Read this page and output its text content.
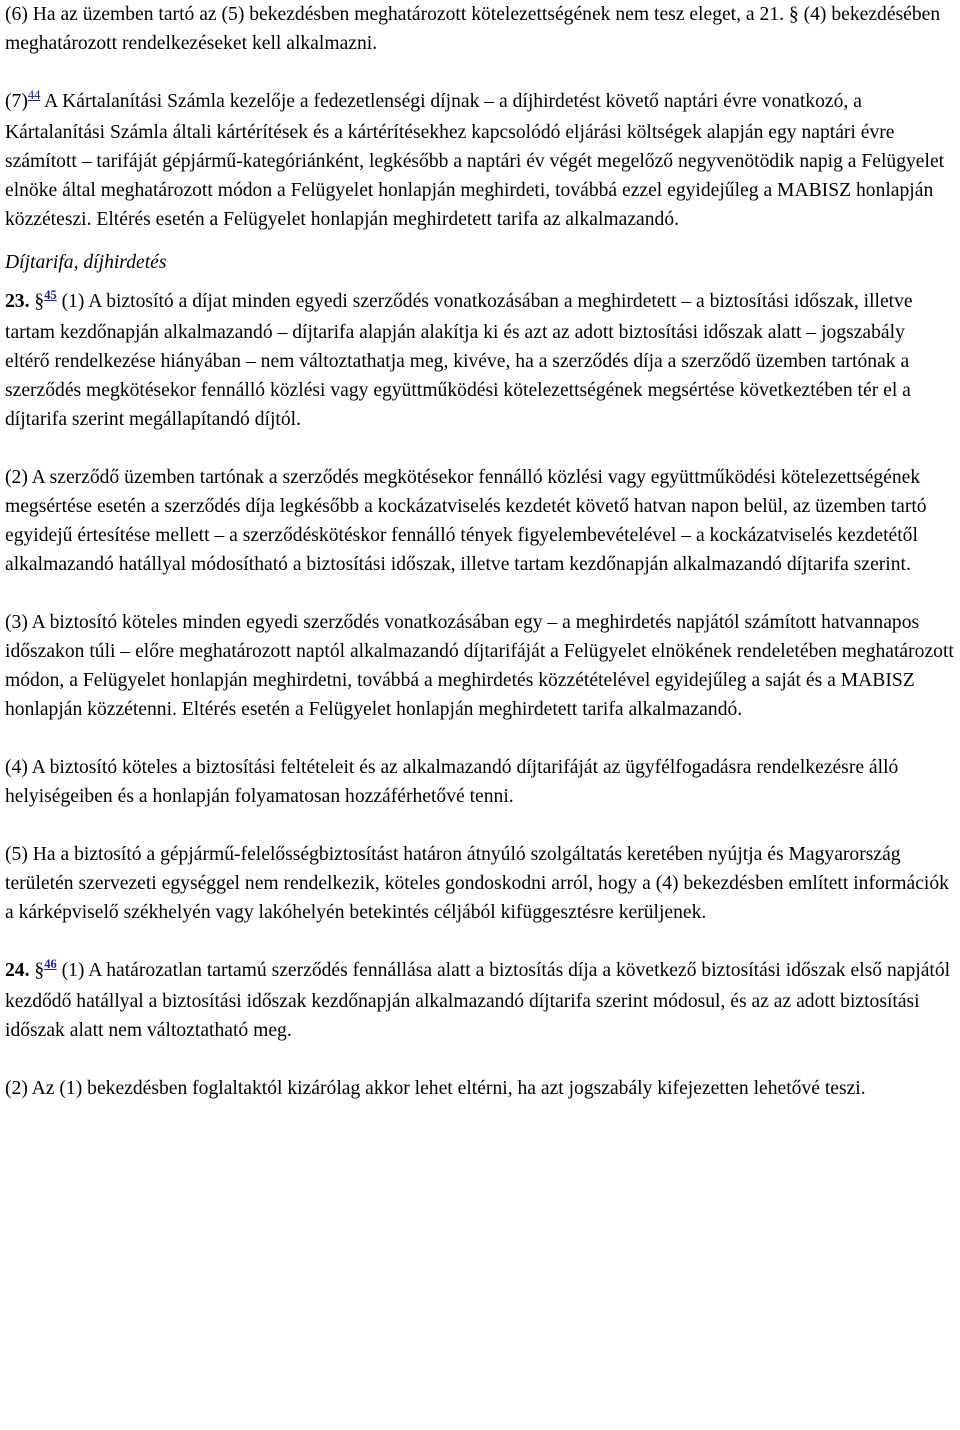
(6) Ha az üzemben tartó az (5) bekezdésben meghatározott kötelezettségének nem tesz eleget, a 21. § (4) bekezdésében meghatározott rendelkezéseket kell alkalmazni.

(7)$^{44}$ A Kártalanítási Számla kezelője a fedezetlenségi díjnak – a díjhirdetést követő naptári évre vonatkozó, a Kártalanítási Számla általi kártérítések és a kártérítésekhez kapcsolódó eljárási költségek alapján egy naptári évre számított – tarifáját gépjármű-kategóriánként, legkésőbb a naptári év végét megelőző negyvenötödik napig a Felügyelet elnöke által meghatározott módon a Felügyelet honlapján meghirdeti, továbbá ezzel egyidejűleg a MABISZ honlapján közzéteszi. Eltérés esetén a Felügyelet honlapján meghirdetett tarifa az alkalmazandó.

Díjtarifa, díjhirdetés

23. §$^{45}$ (1) A biztosító a díjat minden egyedi szerződés vonatkozásában a meghirdetett – a biztosítási időszak, illetve tartam kezdőnapján alkalmazandó – díjtarifa alapján alakítja ki és azt az adott biztosítási időszak alatt – jogszabály eltérő rendelkezése hiányában – nem változtathatja meg, kivéve, ha a szerződés díja a szerződő üzemben tartónak a szerződés megkötésekor fennálló közlési vagy együttműködési kötelezettségének megsértése következtében tér el a díjtarifa szerint megállapítandó díjtól.

(2) A szerződő üzemben tartónak a szerződés megkötésekor fennálló közlési vagy együttműködési kötelezettségének megsértése esetén a szerződés díja legkésőbb a kockázatviselés kezdetét követő hatvan napon belül, az üzemben tartó egyidejű értesítése mellett – a szerződéskötéskor fennálló tények figyelembevételével – a kockázatviselés kezdetétől alkalmazandó hatállyal módosítható a biztosítási időszak, illetve tartam kezdőnapján alkalmazandó díjtarifa szerint.

(3) A biztosító köteles minden egyedi szerződés vonatkozásában egy – a meghirdetés napjától számított hatvannapos időszakon túli – előre meghatározott naptól alkalmazandó díjtarifáját a Felügyelet elnökének rendeletében meghatározott módon, a Felügyelet honlapján meghirdetni, továbbá a meghirdetés közzétételével egyidejűleg a saját és a MABISZ honlapján közzétenni. Eltérés esetén a Felügyelet honlapján meghirdetett tarifa alkalmazandó.

(4) A biztosító köteles a biztosítási feltételeit és az alkalmazandó díjtarifáját az ügyfélfogadásra rendelkezésre álló helyiségeiben és a honlapján folyamatosan hozzáférhetővé tenni.

(5) Ha a biztosító a gépjármű-felelősségbiztosítást határon átnyúló szolgáltatás keretében nyújtja és Magyarország területén szervezeti egységgel nem rendelkezik, köteles gondoskodni arról, hogy a (4) bekezdésben említett információk a kárképviselő székhelyén vagy lakóhelyén betekintés céljából kifüggesztésre kerüljenek.

24. §$^{46}$ (1) A határozatlan tartamú szerződés fennállása alatt a biztosítás díja a következő biztosítási időszak első napjától kezdődő hatállyal a biztosítási időszak kezdőnapján alkalmazandó díjtarifa szerint módosul, és az az adott biztosítási időszak alatt nem változtatható meg.

(2) Az (1) bekezdésben foglaltaktól kizárólag akkor lehet eltérni, ha azt jogszabály kifejezetten lehetővé teszi.
